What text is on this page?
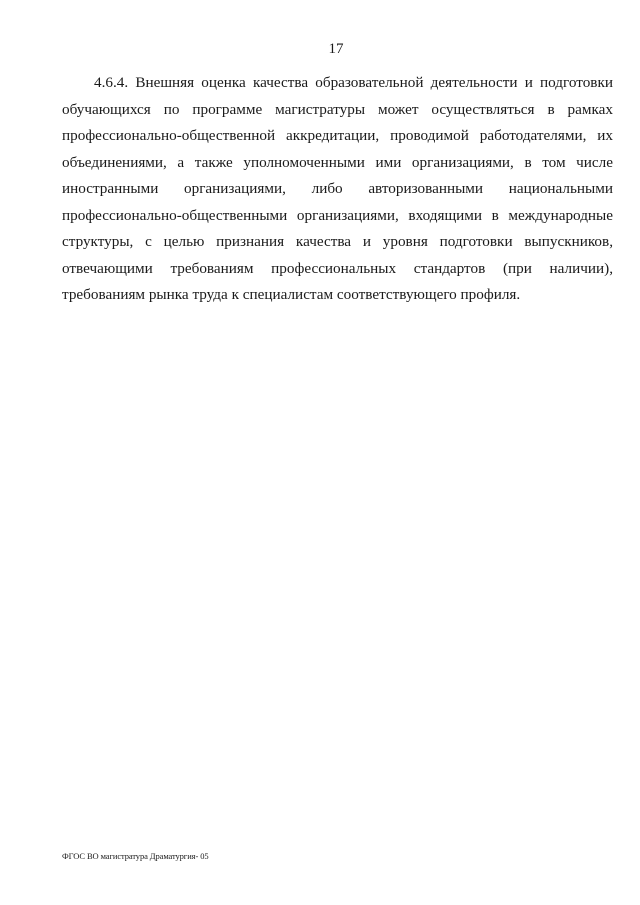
17

4.6.4. Внешняя оценка качества образовательной деятельности и подготовки обучающихся по программе магистратуры может осуществляться в рамках профессионально-общественной аккредитации, проводимой работодателями, их объединениями, а также уполномоченными ими организациями, в том числе иностранными организациями, либо авторизованными национальными профессионально-общественными организациями, входящими в международные структуры, с целью признания качества и уровня подготовки выпускников, отвечающими требованиям профессиональных стандартов (при наличии), требованиям рынка труда к специалистам соответствующего профиля.

ФГОС ВО магистратура Драматургия- 05
